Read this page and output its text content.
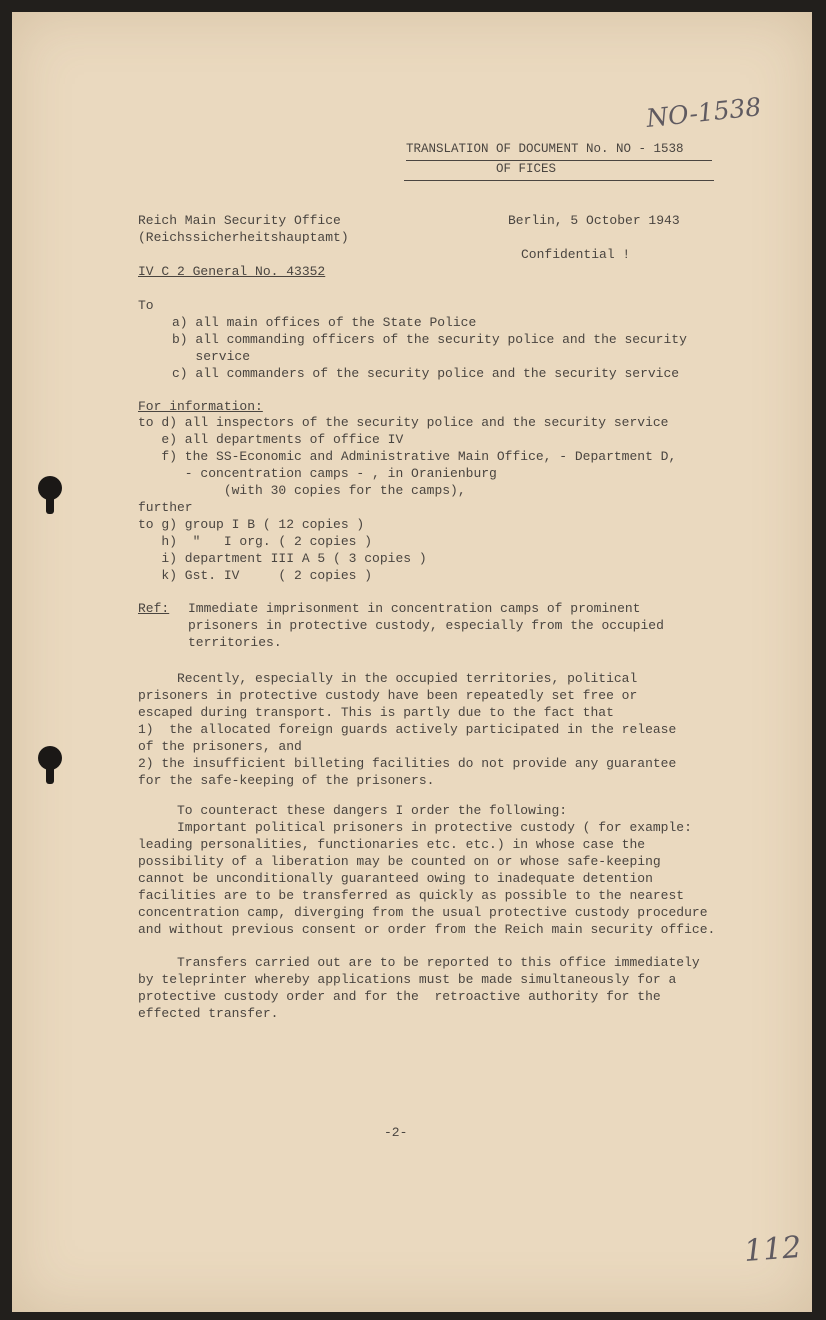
NO-1538
TRANSLATION OF DOCUMENT No. NO - 1538
OF FICES
Reich Main Security Office
(Reichssicherheitshauptamt)
Berlin, 5 October 1943
Confidential !
IV C 2 General No. 43352
To
a) all main offices of the State Police
b) all commanding officers of the security police and the security
service
c) all commanders of the security police and the security service
For information:
to d) all inspectors of the security police and the security service
e) all departments of office IV
f) the SS-Economic and Administrative Main Office, - Department D,
- concentration camps - , in Oranienburg
(with 30 copies for the camps),
further
to g) group I B ( 12 copies )
h)  "   I org. ( 2 copies )
i) department III A 5 ( 3 copies )
k) Gst. IV     ( 2 copies )
Ref: Immediate imprisonment in concentration camps of prominent
prisoners in protective custody, especially from the occupied
territories.
Recently, especially in the occupied territories, political
prisoners in protective custody have been repeatedly set free or
escaped during transport. This is partly due to the fact that
1)  the allocated foreign guards actively participated in the release
of the prisoners, and
2) the insufficient billeting facilities do not provide any guarantee
for the safe-keeping of the prisoners.
To counteract these dangers I order the following:
Important political prisoners in protective custody ( for example:
leading personalities, functionaries etc. etc.) in whose case the
possibility of a liberation may be counted on or whose safe-keeping
cannot be unconditionally guaranteed owing to inadequate detention
facilities are to be transferred as quickly as possible to the nearest
concentration camp, diverging from the usual protective custody procedure
and without previous consent or order from the Reich main security office.
Transfers carried out are to be reported to this office immediately
by teleprinter whereby applications must be made simultaneously for a
protective custody order and for the  retroactive authority for the
effected transfer.
-2-
112
